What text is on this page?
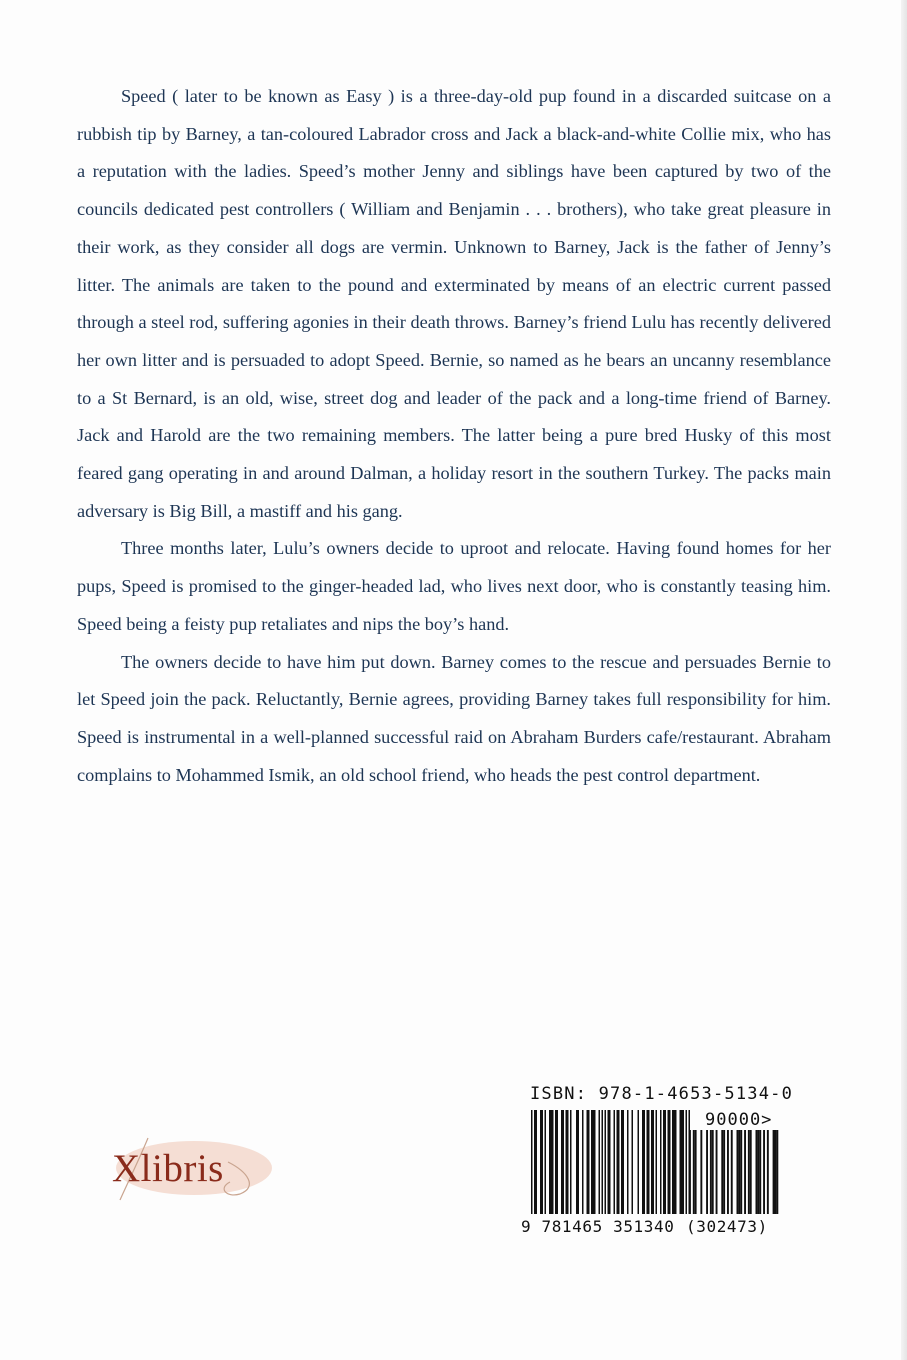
Speed ( later to be known as Easy ) is a three-day-old pup found in a discarded suitcase on a rubbish tip by Barney, a tan-coloured Labrador cross and Jack a black-and-white Collie mix, who has a reputation with the ladies. Speed’s mother Jenny and siblings have been captured by two of the councils dedicated pest controllers ( William and Benjamin . . . brothers), who take great pleasure in their work, as they consider all dogs are vermin. Unknown to Barney, Jack is the father of Jenny’s litter. The animals are taken to the pound and exterminated by means of an electric current passed through a steel rod, suffering agonies in their death throws. Barney’s friend Lulu has recently delivered her own litter and is persuaded to adopt Speed. Bernie, so named as he bears an uncanny resemblance to a St Bernard, is an old, wise, street dog and leader of the pack and a long-time friend of Barney. Jack and Harold are the two remaining members. The latter being a pure bred Husky of this most feared gang operating in and around Dalman, a holiday resort in the southern Turkey. The packs main adversary is Big Bill, a mastiff and his gang.

Three months later, Lulu’s owners decide to uproot and relocate. Having found homes for her pups, Speed is promised to the ginger-headed lad, who lives next door, who is constantly teasing him. Speed being a feisty pup retaliates and nips the boy’s hand.

The owners decide to have him put down. Barney comes to the rescue and persuades Bernie to let Speed join the pack. Reluctantly, Bernie agrees, providing Barney takes full responsibility for him. Speed is instrumental in a well-planned successful raid on Abraham Burders cafe/restaurant. Abraham complains to Mohammed Ismik, an old school friend, who heads the pest control department.

ISBN: 978-1-4653-5134-0
90000>
9 781465 351340 (302473)
Xlibris
